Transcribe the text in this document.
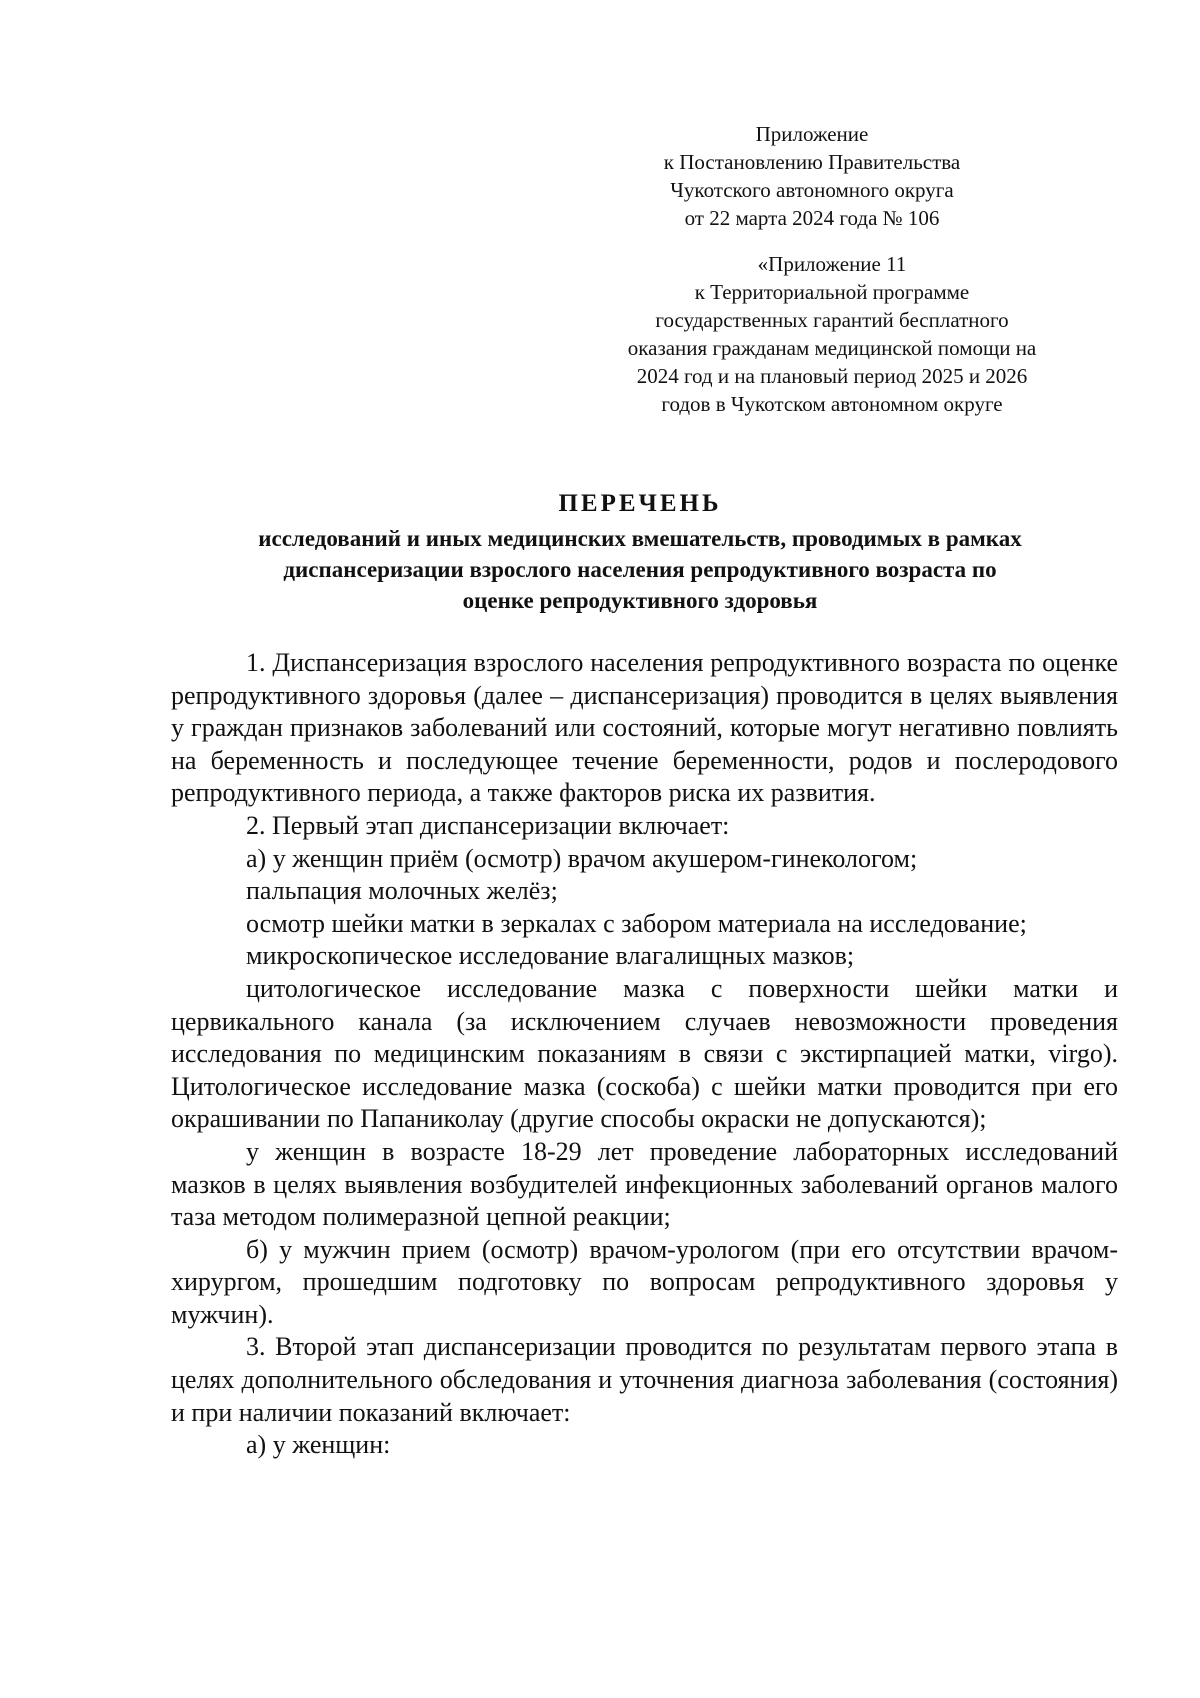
Приложение
к Постановлению Правительства
Чукотского автономного округа
от 22 марта 2024 года № 106
«Приложение 11
к Территориальной программе
государственных гарантий бесплатного
оказания гражданам медицинской помощи на
2024 год и на плановый период 2025 и 2026
годов в Чукотском автономном округе
ПЕРЕЧЕНЬ
исследований и иных медицинских вмешательств, проводимых в рамках
диспансеризации взрослого населения репродуктивного возраста по
оценке репродуктивного здоровья

1. Диспансеризация взрослого населения репродуктивного возраста по оценке репродуктивного здоровья (далее – диспансеризация) проводится в целях выявления у граждан признаков заболеваний или состояний, которые могут негативно повлиять на беременность и последующее течение беременности, родов и послеродового репродуктивного периода, а также факторов риска их развития.

2. Первый этап диспансеризации включает:

а) у женщин приём (осмотр) врачом акушером-гинекологом;

пальпация молочных желёз;

осмотр шейки матки в зеркалах с забором материала на исследование;

микроскопическое исследование влагалищных мазков;

цитологическое исследование мазка с поверхности шейки матки и цервикального канала (за исключением случаев невозможности проведения исследования по медицинским показаниям в связи с экстирпацией матки, virgo). Цитологическое исследование мазка (соскоба) с шейки матки проводится при его окрашивании по Папаниколау (другие способы окраски не допускаются);

у женщин в возрасте 18-29 лет проведение лабораторных исследований мазков в целях выявления возбудителей инфекционных заболеваний органов малого таза методом полимеразной цепной реакции;

б) у мужчин прием (осмотр) врачом-урологом (при его отсутствии врачом-хирургом, прошедшим подготовку по вопросам репродуктивного здоровья у мужчин).

3. Второй этап диспансеризации проводится по результатам первого этапа в целях дополнительного обследования и уточнения диагноза заболевания (состояния) и при наличии показаний включает:

а) у женщин:
